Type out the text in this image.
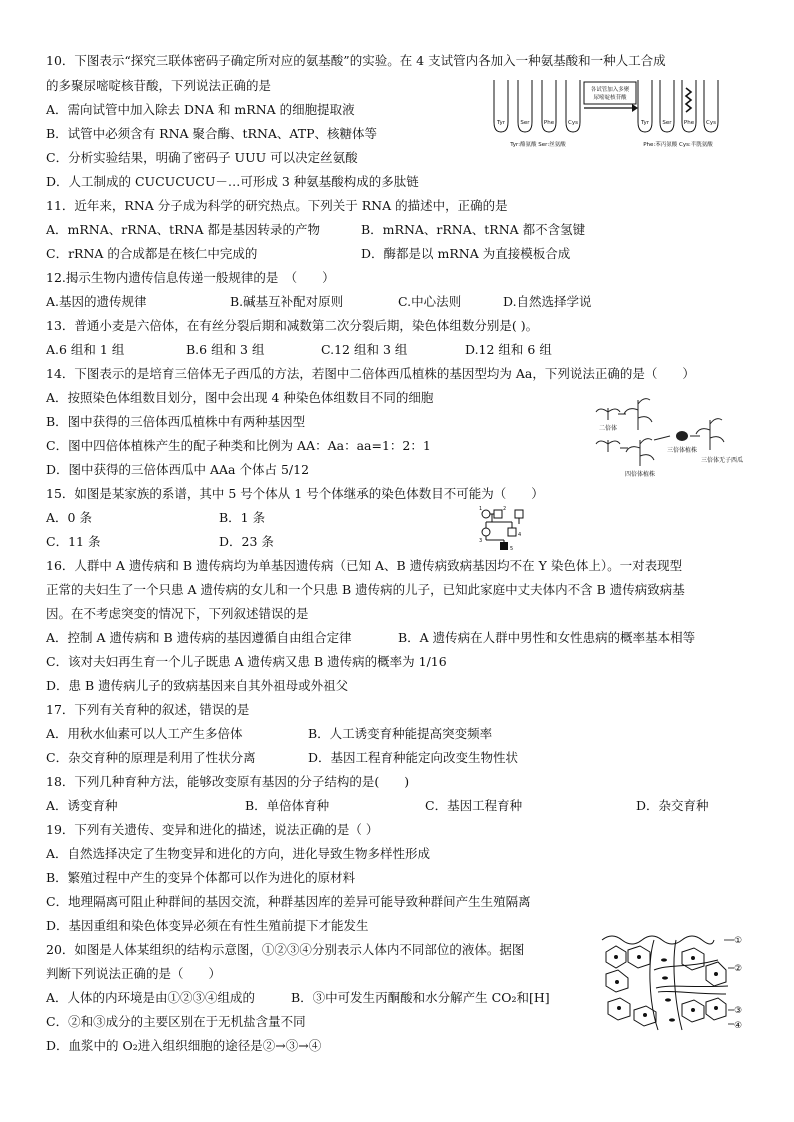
10．下图表示“探究三联体密码子确定所对应的氨基酸”的实验。在 4 支试管内各加入一种氨基酸和一种人工合成
的多聚尿嘧啶核苷酸，下列说法正确的是
A．需向试管中加入除去 DNA 和 mRNA 的细胞提取液
B．试管中必须含有 RNA 聚合酶、tRNA、ATP、核糖体等
C．分析实验结果，明确了密码子 UUU 可以决定丝氨酸
D．人工制成的 CUCUCUCU－…可形成 3 种氨基酸构成的多肽链
Tyr	Ser	Phe	Cys	Tyr Ser Phe Cys
各试管加入多聚
尿嘧啶核苷酸
Tyr:酪氨酸 Ser:丝氨酸	Phe:苯丙氨酸 Cys:半胱氨酸
11．近年来，RNA 分子成为科学的研究热点。下列关于 RNA 的描述中，正确的是
A．mRNA、rRNA、tRNA 都是基因转录的产物	B．mRNA、rRNA、tRNA 都不含氢键
C．rRNA 的合成都是在核仁中完成的	D．酶都是以 mRNA 为直接模板合成
12.揭示生物内遗传信息传递一般规律的是　（　　）
A.基因的遗传规律	B.碱基互补配对原则	C.中心法则	D.自然选择学说
13．普通小麦是六倍体，在有丝分裂后期和减数第二次分裂后期，染色体组数分别是( )。
A.6 组和 1 组	B.6 组和 3 组	C.12 组和 3 组	D.12 组和 6 组
14．下图表示的是培育三倍体无子西瓜的方法，若图中二倍体西瓜植株的基因型均为 Aa，下列说法正确的是（　　）
A．按照染色体组数目划分，图中会出现 4 种染色体组数目不同的细胞
B．图中获得的三倍体西瓜植株中有两种基因型
C．图中四倍体植株产生的配子种类和比例为 AA：Aa：aa=1：2：1
D．图中获得的三倍体西瓜中 AAa 个体占 5/12
二倍体
四倍体植株
三倍体植株
三倍体无子西瓜
15．如图是某家族的系谱，其中 5 号个体从 1 号个体继承的染色体数目不可能为（　　）
A．0 条	B．1 条
C．11 条	D．23 条
1	2
3
4
5
16．人群中 A 遗传病和 B 遗传病均为单基因遗传病（已知 A、B 遗传病致病基因均不在 Y 染色体上）。一对表现型
正常的夫妇生了一个只患 A 遗传病的女儿和一个只患 B 遗传病的儿子，已知此家庭中丈夫体内不含 B 遗传病致病基
因。在不考虑突变的情况下，下列叙述错误的是
A．控制 A 遗传病和 B 遗传病的基因遵循自由组合定律	B．A 遗传病在人群中男性和女性患病的概率基本相等
C．该对夫妇再生育一个儿子既患 A 遗传病又患 B 遗传病的概率为 1/16
D．患 B 遗传病儿子的致病基因来自其外祖母或外祖父
17．下列有关育种的叙述，错误的是
A．用秋水仙素可以人工产生多倍体	B．人工诱变育种能提高突变频率
C．杂交育种的原理是利用了性状分离	D．基因工程育种能定向改变生物性状
18．下列几种育种方法，能够改变原有基因的分子结构的是(　　)
A．诱变育种	B．单倍体育种	C．基因工程育种	D．杂交育种
19．下列有关遗传、变异和进化的描述，说法正确的是（ ）
A．自然选择决定了生物变异和进化的方向，进化导致生物多样性形成
B．繁殖过程中产生的变异个体都可以作为进化的原材料
C．地理隔离可阻止种群间的基因交流，种群基因库的差异可能导致种群间产生生殖隔离
D．基因重组和染色体变异必须在有性生殖前提下才能发生
20．如图是人体某组织的结构示意图，①②③④分别表示人体内不同部位的液体。据图
判断下列说法正确的是（　　）
A．人体的内环境是由①②③④组成的	B．③中可发生丙酮酸和水分解产生 CO₂和[H]
C．②和③成分的主要区别在于无机盐含量不同
D．血浆中的 O₂进入组织细胞的途径是②→③→④
①
②
③
④
